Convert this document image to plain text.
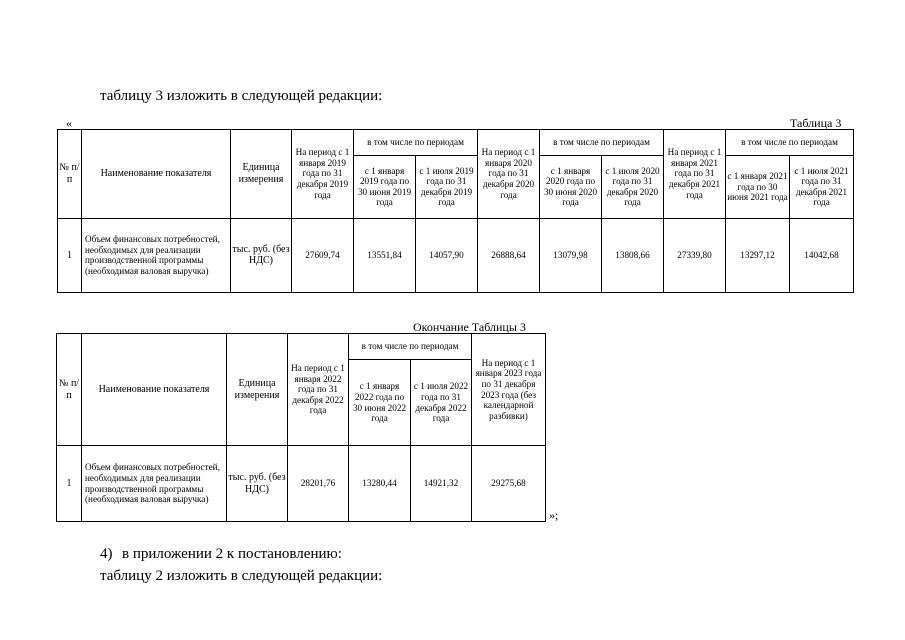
таблицу 3 изложить в следующей редакции:
«	Таблица 3
№ п/п	Наименование показателя	Единица измерения	На период с 1 января 2019 года по 31 декабря 2019 года	в том числе по периодам		На период с 1 января 2020 года по 31 декабря 2020 года	в том числе по периодам		На период с 1 января 2021 года по 31 декабря 2021 года	в том числе по периодам	
				с 1 января 2019 года по 30 июня 2019 года	с 1 июля 2019 года по 31 декабря 2019 года		с 1 января 2020 года по 30 июня 2020 года	с 1 июля 2020 года по 31 декабря 2020 года		с 1 января 2021 года по 30 июня 2021 года	с 1 июля 2021 года по 31 декабря 2021 года
1	Объем финансовых потребностей, необходимых для реализации производственной программы (необходимая валовая выручка)	тыс. руб. (без НДС)	27609,74	13551,84	14057,90	26888,64	13079,98	13808,66	27339,80	13297,12	14042,68
Окончание Таблицы 3
№ п/п	Наименование показателя	Единица измерения	На период с 1 января 2022 года по 31 декабря 2022 года	в том числе по периодам		На период с 1 января 2023 года по 31 декабря 2023 года (без календарной разбивки)
				с 1 января 2022 года по 30 июня 2022 года	с 1 июля 2022 года по 31 декабря 2022 года	
1	Объем финансовых потребностей, необходимых для реализации производственной программы (необходимая валовая выручка)	тыс. руб. (без НДС)	28201,76	13280,44	14921,32	29275,68
»;
4) в приложении 2 к постановлению:
таблицу 2 изложить в следующей редакции:
